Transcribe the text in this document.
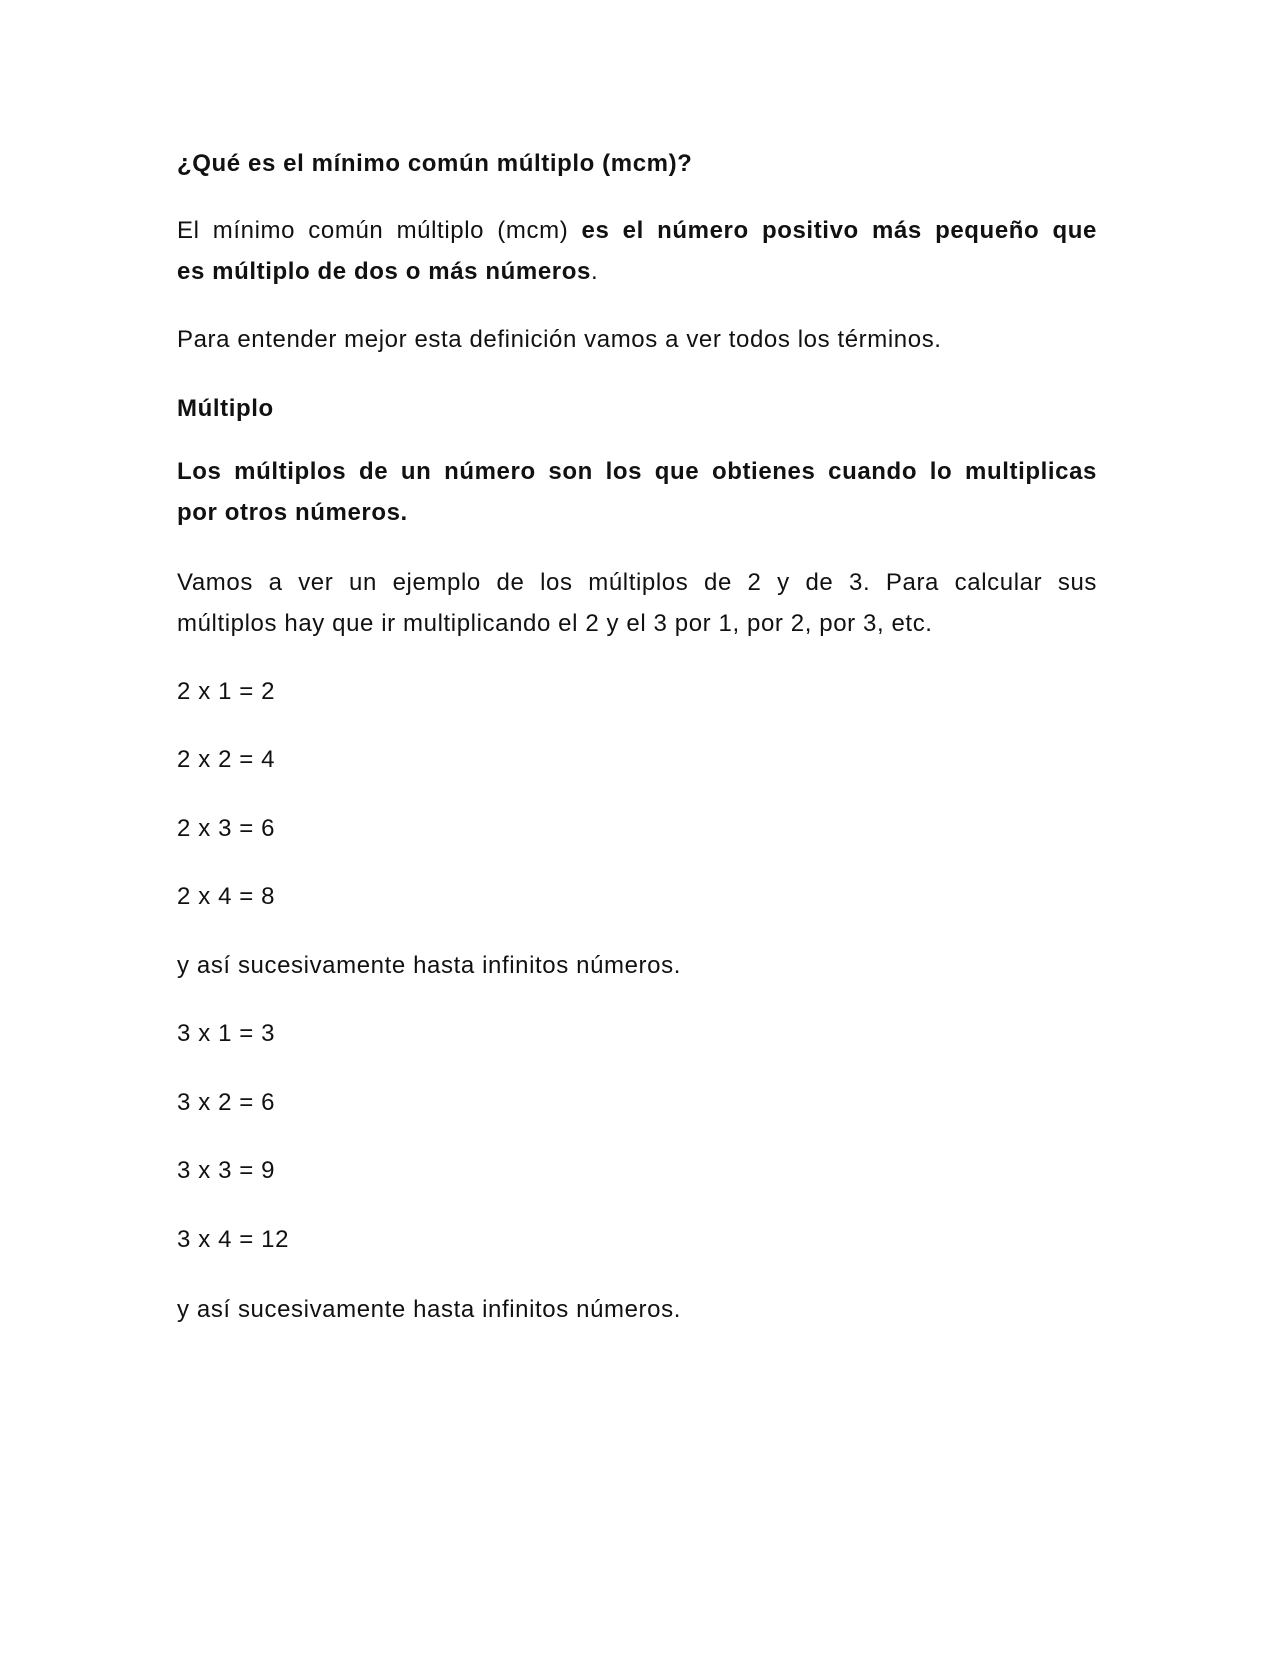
¿Qué es el mínimo común múltiplo (mcm)?
El mínimo común múltiplo (mcm) es el número positivo más pequeño que
es múltiplo de dos o más números.
Para entender mejor esta definición vamos a ver todos los términos.
Múltiplo
Los múltiplos de un número son los que obtienes cuando lo multiplicas
por otros números.
Vamos a ver un ejemplo de los múltiplos de 2 y de 3. Para calcular sus
múltiplos hay que ir multiplicando el 2 y el 3 por 1, por 2, por 3, etc.
2 x 1 = 2
2 x 2 = 4
2 x 3 = 6
2 x 4 = 8
y así sucesivamente hasta infinitos números.
3 x 1 = 3
3 x 2 = 6
3 x 3 = 9
3 x 4 = 12
y así sucesivamente hasta infinitos números.
